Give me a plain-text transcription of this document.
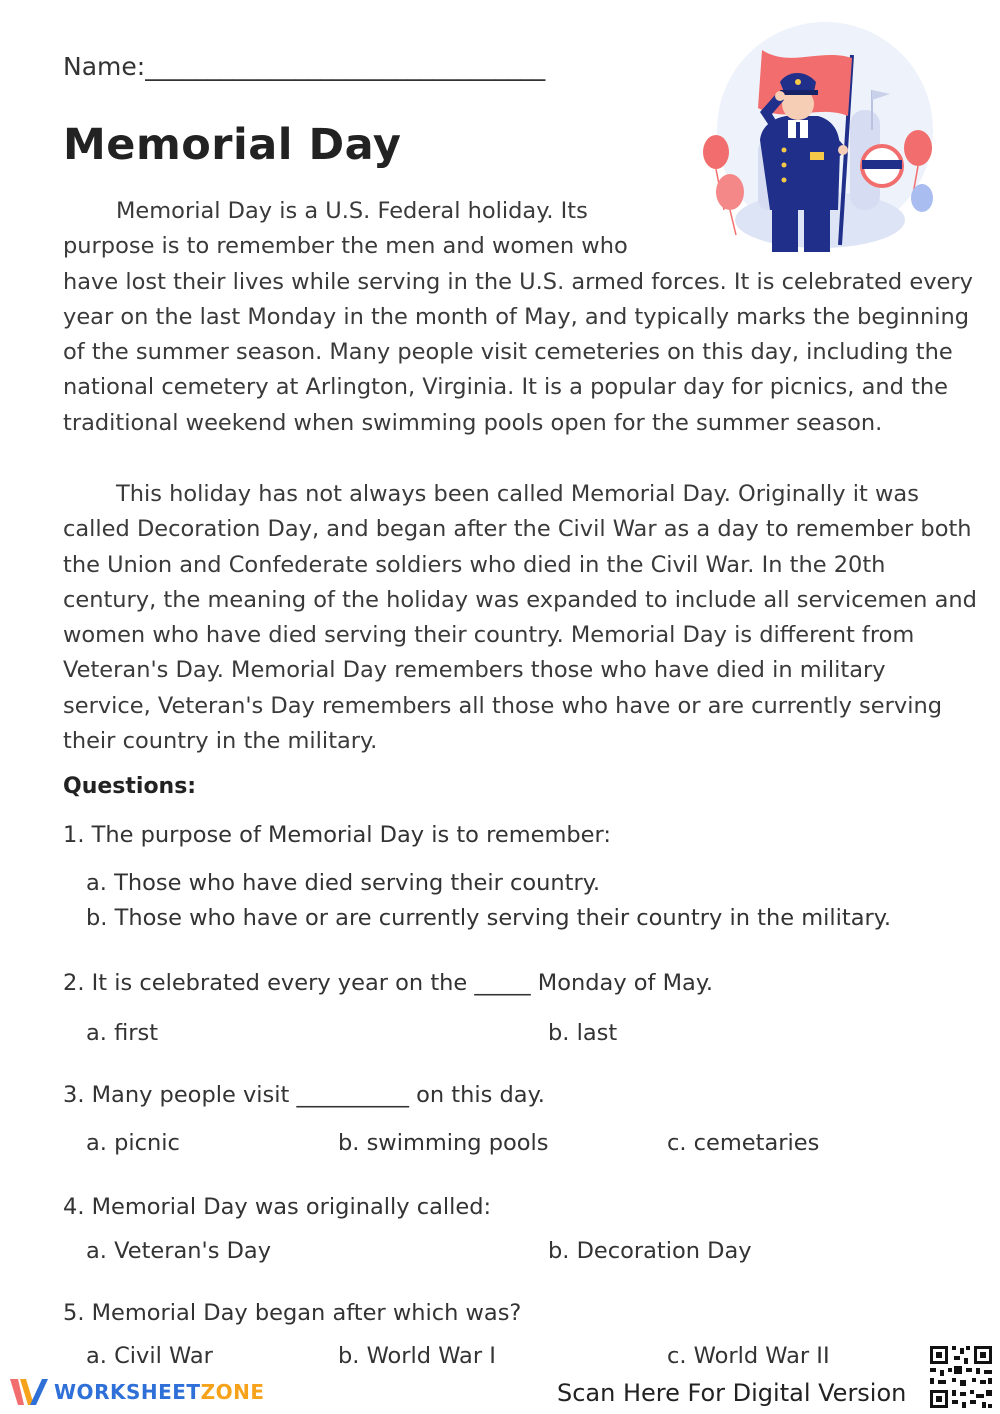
Name:________________________________
Memorial Day
Memorial Day is a U.S. Federal holiday. Its
purpose is to remember the men and women who
have lost their lives while serving in the U.S. armed forces. It is celebrated every
year on the last Monday in the month of May, and typically marks the beginning
of the summer season. Many people visit cemeteries on this day, including the
national cemetery at Arlington, Virginia. It is a popular day for picnics, and the
traditional weekend when swimming pools open for the summer season.
This holiday has not always been called Memorial Day. Originally it was
called Decoration Day, and began after the Civil War as a day to remember both
the Union and Confederate soldiers who died in the Civil War. In the 20th
century, the meaning of the holiday was expanded to include all servicemen and
women who have died serving their country. Memorial Day is different from
Veteran's Day. Memorial Day remembers those who have died in military
service, Veteran's Day remembers all those who have or are currently serving
their country in the military.
Questions:
1. The purpose of Memorial Day is to remember:
a. Those who have died serving their country.
b. Those who have or are currently serving their country in the military.
2. It is celebrated every year on the _____ Monday of May.
a. first	b. last
3. Many people visit __________ on this day.
a. picnic	b. swimming pools	c. cemetaries
4. Memorial Day was originally called:
a. Veteran's Day	b. Decoration Day
5. Memorial Day began after which was?
a. Civil War	b. World War I	c. World War II
WORKSHEETZONE	Scan Here For Digital Version
